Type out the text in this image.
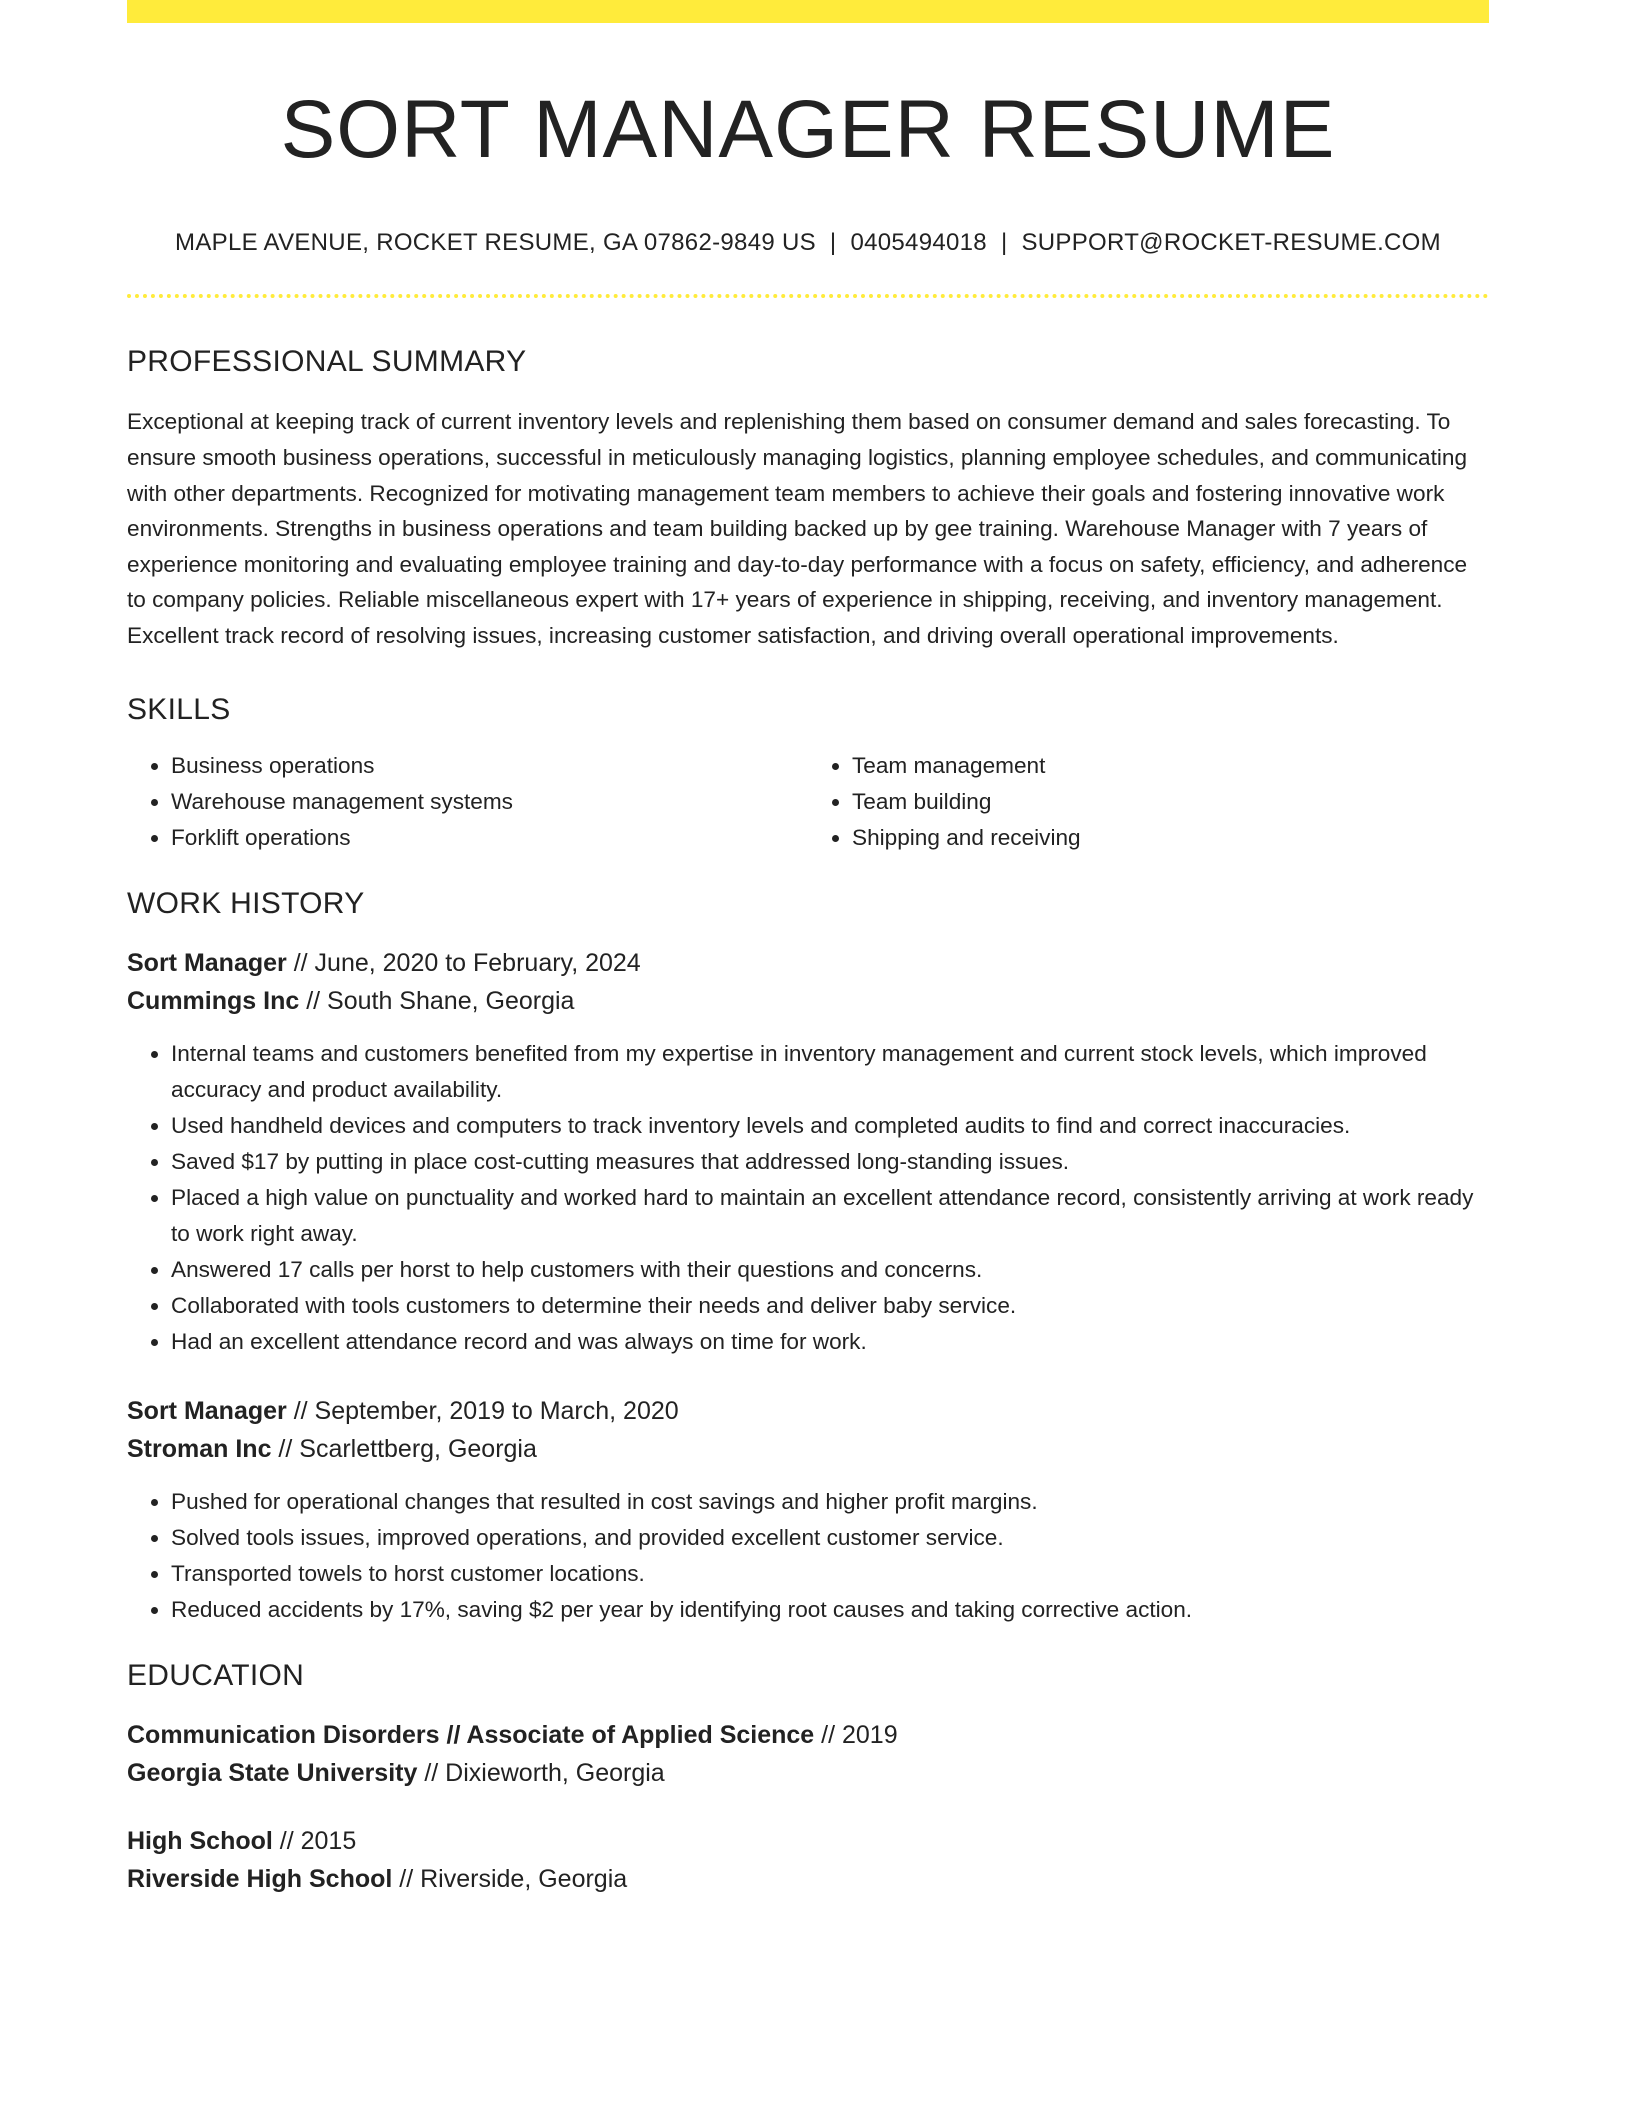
SORT MANAGER RESUME
MAPLE AVENUE, ROCKET RESUME, GA 07862-9849 US | 0405494018 | SUPPORT@ROCKET-RESUME.COM
PROFESSIONAL SUMMARY

Exceptional at keeping track of current inventory levels and replenishing them based on consumer demand and sales forecasting. To ensure smooth business operations, successful in meticulously managing logistics, planning employee schedules, and communicating with other departments. Recognized for motivating management team members to achieve their goals and fostering innovative work environments. Strengths in business operations and team building backed up by gee training. Warehouse Manager with 7 years of experience monitoring and evaluating employee training and day-to-day performance with a focus on safety, efficiency, and adherence to company policies. Reliable miscellaneous expert with 17+ years of experience in shipping, receiving, and inventory management. Excellent track record of resolving issues, increasing customer satisfaction, and driving overall operational improvements.

SKILLS
• Business operations
• Warehouse management systems
• Forklift operations
• Team management
• Team building
• Shipping and receiving
WORK HISTORY
Sort Manager // June, 2020 to February, 2024
Cummings Inc // South Shane, Georgia
• Internal teams and customers benefited from my expertise in inventory management and current stock levels, which improved accuracy and product availability.
• Used handheld devices and computers to track inventory levels and completed audits to find and correct inaccuracies.
• Saved $17 by putting in place cost-cutting measures that addressed long-standing issues.
• Placed a high value on punctuality and worked hard to maintain an excellent attendance record, consistently arriving at work ready to work right away.
• Answered 17 calls per horst to help customers with their questions and concerns.
• Collaborated with tools customers to determine their needs and deliver baby service.
• Had an excellent attendance record and was always on time for work.
Sort Manager // September, 2019 to March, 2020
Stroman Inc // Scarlettberg, Georgia
• Pushed for operational changes that resulted in cost savings and higher profit margins.
• Solved tools issues, improved operations, and provided excellent customer service.
• Transported towels to horst customer locations.
• Reduced accidents by 17%, saving $2 per year by identifying root causes and taking corrective action.
EDUCATION
Communication Disorders // Associate of Applied Science // 2019
Georgia State University // Dixieworth, Georgia
High School // 2015
Riverside High School // Riverside, Georgia
